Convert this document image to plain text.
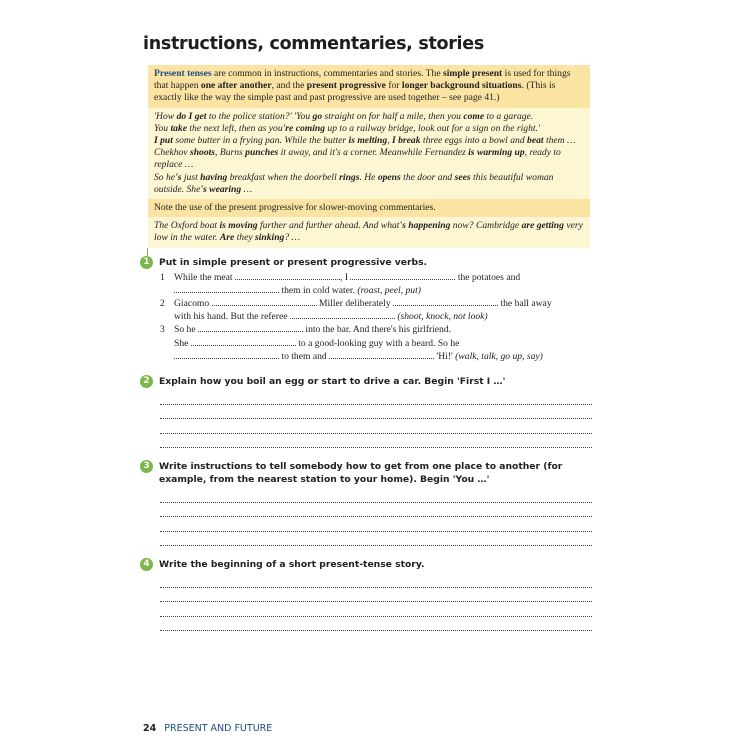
instructions, commentaries, stories
Present tenses are common in instructions, commentaries and stories. The simple present is used for things that happen one after another, and the present progressive for longer background situations. (This is exactly like the way the simple past and past progressive are used together – see page 41.)
'How do I get to the police station?' 'You go straight on for half a mile, then you come to a garage.
You take the next left, then as you're coming up to a railway bridge, look out for a sign on the right.'
I put some butter in a frying pan. While the butter is melting, I break three eggs into a bowl and beat them …
Chekhov shoots, Burns punches it away, and it's a corner. Meanwhile Fernandez is warming up, ready to replace …
So he's just having breakfast when the doorbell rings. He opens the door and sees this beautiful woman outside. She's wearing …
Note the use of the present progressive for slower-moving commentaries.
The Oxford boat is moving further and further ahead. And what's happening now? Cambridge are getting very low in the water. Are they sinking? …
1	Put in simple present or present progressive verbs.
1 While the meat	, I	the potatoes and
them in cold water. (roast, peel, put)
2 Giacomo	Miller deliberately	the ball away
with his hand. But the referee	(shoot, knock, not look)
3 So he	into the bar. And there's his girlfriend.
She	to a good-looking guy with a beard. So he
to them and	'Hi!' (walk, talk, go up, say)
2	Explain how you boil an egg or start to drive a car. Begin 'First I …'
3	Write instructions to tell somebody how to get from one place to another (for example, from the nearest station to your home). Begin 'You …'
4	Write the beginning of a short present-tense story.
24 PRESENT AND FUTURE
